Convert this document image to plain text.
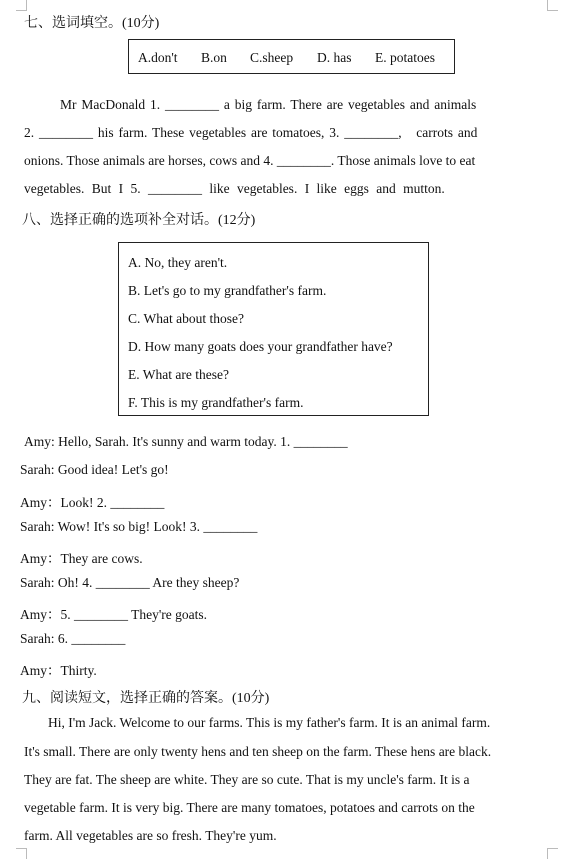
七、选词填空。(10分)
A.don't B.on C.sheep D. has E. potatoes
Mr MacDonald 1. ________ a big farm. There are vegetables and animals
2. ________ his farm. These vegetables are tomatoes, 3. ________,   carrots and
onions. Those animals are horses, cows and 4. ________. Those animals love to eat
vegetables. But I 5. ________ like vegetables. I like eggs and mutton.
八、选择正确的选项补全对话。(12分)
A. No, they aren't.
B. Let's go to my grandfather's farm.
C. What about those?
D. How many goats does your grandfather have?
E. What are these?
F. This is my grandfather's farm.
Amy: Hello, Sarah. It's sunny and warm today. 1. ________
Sarah: Good idea! Let's go!
Amy：Look! 2. ________
Sarah: Wow! It's so big! Look! 3. ________
Amy：They are cows.
Sarah: Oh! 4. ________ Are they sheep?
Amy：5. ________ They're goats.
Sarah: 6. ________
Amy：Thirty.
九、阅读短文，选择正确的答案。(10分)
Hi, I'm Jack. Welcome to our farms. This is my father's farm. It is an animal farm.
It's small. There are only twenty hens and ten sheep on the farm. These hens are black.
They are fat. The sheep are white. They are so cute. That is my uncle's farm. It is a
vegetable farm. It is very big. There are many tomatoes, potatoes and carrots on the
farm. All vegetables are so fresh. They're yum.
